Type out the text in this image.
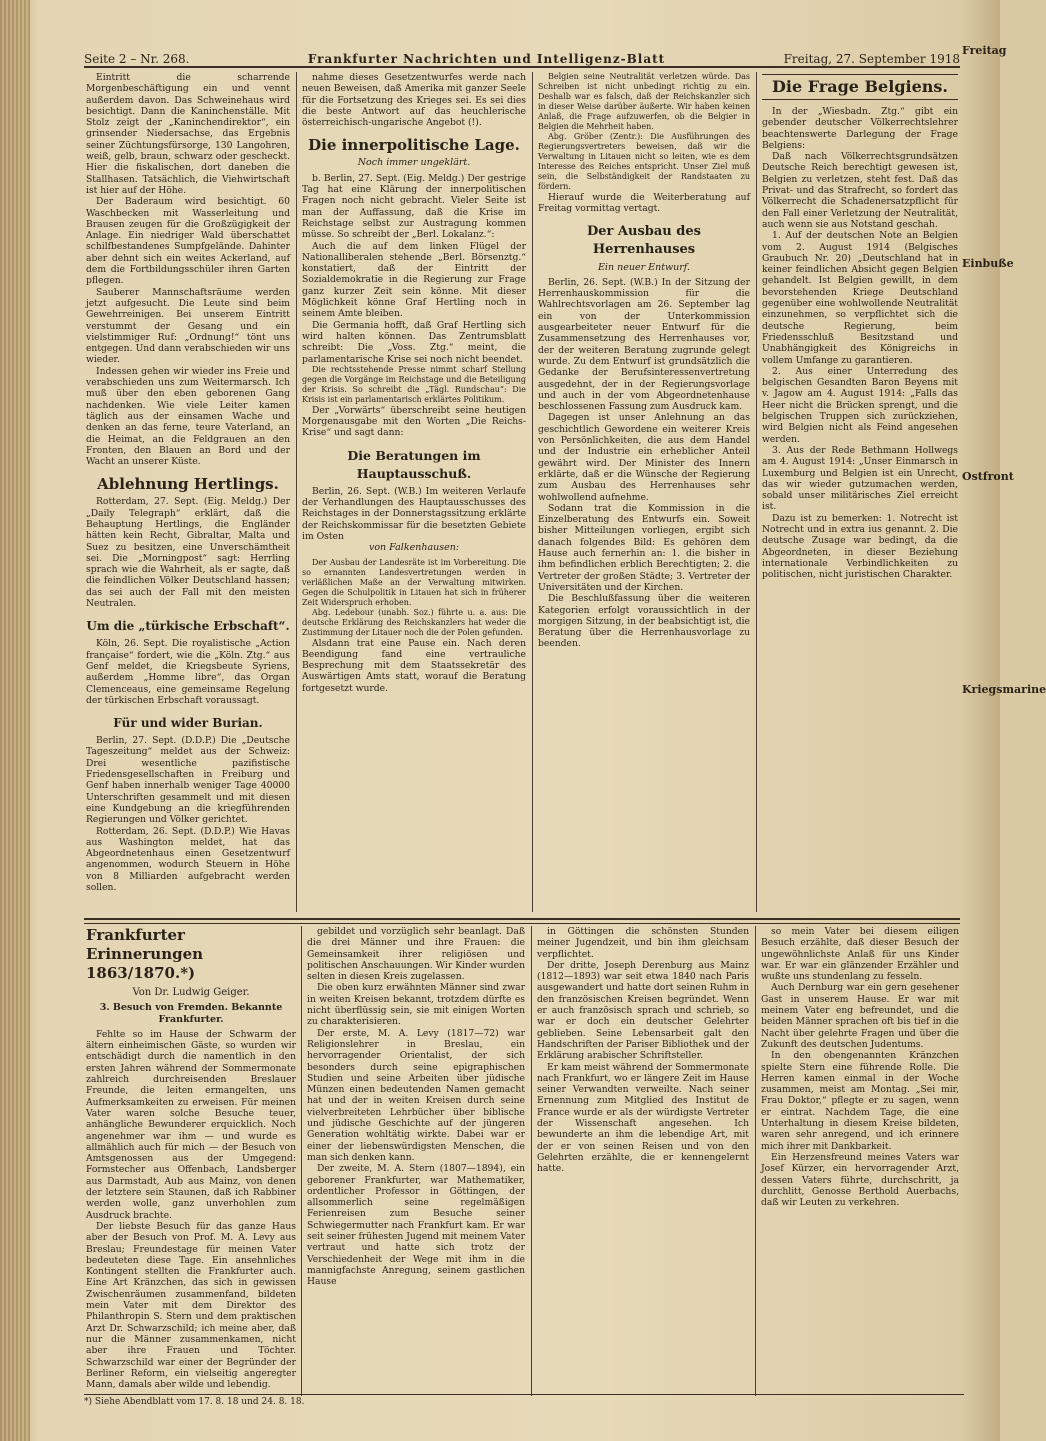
Seite 2 – Nr. 268.	Frankfurter Nachrichten und Intelligenz-Blatt	Freitag, 27. September 1918
Freitag
Einbuße
Ostfront
Kriegsmarine

Eintritt die scharrende Morgenbeschäftigung ein und vennt außerdem davon. Das Schweinehaus wird besichtigt. Dann die Kaninchenställe. Mit Stolz zeigt der „Kaninchendirektor“, ein grinsender Niedersachse, das Ergebnis seiner Züchtungsfürsorge, 130 Langohren, weiß, gelb, braun, schwarz oder gescheckt. Hier die fiskalischen, dort daneben die Stallhasen. Tatsächlich, die Viehwirtschaft ist hier auf der Höhe.

Der Baderaum wird besichtigt. 60 Waschbecken mit Wasserleitung und Brausen zeugen für die Großzügigkeit der Anlage. Ein niedriger Wald überschattet schilfbestandenes Sumpfgelände. Dahinter aber dehnt sich ein weites Ackerland, auf dem die Fortbildungsschüler ihren Garten pflegen.

Sauberer Mannschaftsräume werden jetzt aufgesucht. Die Leute sind beim Gewehrreinigen. Bei unserem Eintritt verstummt der Gesang und ein vielstimmiger Ruf: „Ordnung!“ tönt uns entgegen. Und dann verabschieden wir uns wieder.

Indessen gehen wir wieder ins Freie und verabschieden uns zum Weitermarsch. Ich muß über den eben geborenen Gang nachdenken. Wie viele Leiter kamen täglich aus der einsamen Wache und denken an das ferne, teure Vaterland, an die Heimat, an die Feldgrauen an den Fronten, den Blauen an Bord und der Wacht an unserer Küste.

Ablehnung Hertlings.

Rotterdam, 27. Sept. (Eig. Meldg.) Der „Daily Telegraph“ erklärt, daß die Behauptung Hertlings, die Engländer hätten kein Recht, Gibraltar, Malta und Suez zu besitzen, eine Unverschämtheit sei. Die „Morningpost“ sagt: Herrling sprach wie die Wahrheit, als er sagte, daß die feindlichen Völker Deutschland hassen; das sei auch der Fall mit den meisten Neutralen.

Um die „türkische Erbschaft“.

Köln, 26. Sept. Die royalistische „Action française“ fordert, wie die „Köln. Ztg.“ aus Genf meldet, die Kriegsbeute Syriens, außerdem „Homme libre“, das Organ Clemenceaus, eine gemeinsame Regelung der türkischen Erbschaft voraussagt.

Für und wider Burian.

Berlin, 27. Sept. (D.D.P.) Die „Deutsche Tageszeitung“ meldet aus der Schweiz: Drei wesentliche pazifistische Friedensgesellschaften in Freiburg und Genf haben innerhalb weniger Tage 40000 Unterschriften gesammelt und mit diesen eine Kundgebung an die kriegführenden Regierungen und Völker gerichtet.

Rotterdam, 26. Sept. (D.D.P.) Wie Havas aus Washington meldet, hat das Abgeordnetenhaus einen Gesetzentwurf angenommen, wodurch Steuern in Höhe von 8 Milliarden aufgebracht werden sollen.

nahme dieses Gesetzentwurfes werde nach neuen Beweisen, daß Amerika mit ganzer Seele für die Fortsetzung des Krieges sei. Es sei dies die beste Antwort auf das heuchlerische österreichisch-ungarische Angebot (!).

Die innerpolitische Lage.

Noch immer ungeklärt.

b. Berlin, 27. Sept. (Eig. Meldg.) Der gestrige Tag hat eine Klärung der innerpolitischen Fragen noch nicht gebracht. Vieler Seite ist man der Auffassung, daß die Krise im Reichstage selbst zur Austragung kommen müsse. So schreibt der „Berl. Lokalanz.“:

Auch die auf dem linken Flügel der Nationalliberalen stehende „Berl. Börsenztg.“ konstatiert, daß der Eintritt der Sozialdemokratie in die Regierung zur Frage ganz kurzer Zeit sein könne. Mit dieser Möglichkeit könne Graf Hertling noch in seinem Amte bleiben.

Die Germania hofft, daß Graf Hertling sich wird halten können. Das Zentrumsblatt schreibt: Die „Voss. Ztg.“ meint, die parlamentarische Krise sei noch nicht beendet.

Die rechtsstehende Presse nimmt scharf Stellung gegen die Vorgänge im Reichstage und die Beteiligung der Krisis. So schreibt die „Tägl. Rundschau“: Die Krisis ist ein parlamentarisch erklärtes Politikum.

Der „Vorwärts“ überschreibt seine heutigen Morgenausgabe mit den Worten „Die Reichs-Krise“ und sagt dann:

Die Beratungen im Hauptausschuß.

Berlin, 26. Sept. (W.B.) Im weiteren Verlaufe der Verhandlungen des Hauptausschusses des Reichstages in der Donnerstagssitzung erklärte der Reichskommissar für die besetzten Gebiete im Osten

von Falkenhausen:

Der Ausbau der Landesräte ist im Vorbereitung. Die so ernannten Landesvertretungen werden in verläßlichen Maße an der Verwaltung mitwirken. Gegen die Schulpolitik in Litauen hat sich in früherer Zeit Widerspruch erhoben.

Abg. Ledebour (unabh. Soz.) führte u. a. aus: Die deutsche Erklärung des Reichskanzlers hat weder die Zustimmung der Litauer noch die der Polen gefunden.

Alsdann trat eine Pause ein. Nach deren Beendigung fand eine vertrauliche Besprechung mit dem Staatssekretär des Auswärtigen Amts statt, worauf die Beratung fortgesetzt wurde.

Belgien seine Neutralität verletzen würde. Das Schreiben ist nicht unbedingt richtig zu ein. Deshalb war es falsch, daß der Reichskanzler sich in dieser Weise darüber äußerte. Wir haben keinen Anlaß, die Frage aufzuwerfen, ob die Belgier in Belgien die Mehrheit haben.

Abg. Gröber (Zentr.): Die Ausführungen des Regierungsvertreters beweisen, daß wir die Verwaltung in Litauen nicht so leiten, wie es dem Interesse des Reiches entspricht. Unser Ziel muß sein, die Selbständigkeit der Randstaaten zu fördern.

Hierauf wurde die Weiterberatung auf Freitag vormittag vertagt.

Der Ausbau des Herrenhauses

Ein neuer Entwurf.

Berlin, 26. Sept. (W.B.) In der Sitzung der Herrenhauskommission für die Wahlrechtsvorlagen am 26. September lag ein von der Unterkommission ausgearbeiteter neuer Entwurf für die Zusammensetzung des Herrenhauses vor, der der weiteren Beratung zugrunde gelegt wurde. Zu dem Entwurf ist grundsätzlich die Gedanke der Berufsinteressenvertretung ausgedehnt, der in der Regierungsvorlage und auch in der vom Abgeordnetenhause beschlossenen Fassung zum Ausdruck kam.

Dagegen ist unser Anlehnung an das geschichtlich Gewordene ein weiterer Kreis von Persönlichkeiten, die aus dem Handel und der Industrie ein erheblicher Anteil gewährt wird. Der Minister des Innern erklärte, daß er die Wünsche der Regierung zum Ausbau des Herrenhauses sehr wohlwollend aufnehme.

Sodann trat die Kommission in die Einzelberatung des Entwurfs ein. Soweit bisher Mitteilungen vorliegen, ergibt sich danach folgendes Bild: Es gehören dem Hause auch fernerhin an: 1. die bisher in ihm befindlichen erblich Berechtigten; 2. die Vertreter der großen Städte; 3. Vertreter der Universitäten und der Kirchen.

Die Beschlußfassung über die weiteren Kategorien erfolgt voraussichtlich in der morgigen Sitzung, in der beabsichtigt ist, die Beratung über die Herrenhausvorlage zu beenden.

Die Frage Belgiens.

In der „Wiesbadn. Ztg.“ gibt ein gebender deutscher Völkerrechtslehrer beachtenswerte Darlegung der Frage Belgiens:

Daß nach Völkerrechtsgrundsätzen Deutsche Reich berechtigt gewesen ist, Belgien zu verletzen, steht fest. Daß das Privat- und das Strafrecht, so fordert das Völkerrecht die Schadenersatzpflicht für den Fall einer Verletzung der Neutralität, auch wenn sie aus Notstand geschah.

1. Auf der deutschen Note an Belgien vom 2. August 1914 (Belgisches Graubuch Nr. 20) „Deutschland hat in keiner feindlichen Absicht gegen Belgien gehandelt. Ist Belgien gewillt, in dem bevorstehenden Kriege Deutschland gegenüber eine wohlwollende Neutralität einzunehmen, so verpflichtet sich die deutsche Regierung, beim Friedensschluß Besitzstand und Unabhängigkeit des Königreichs in vollem Umfange zu garantieren.

2. Aus einer Unterredung des belgischen Gesandten Baron Beyens mit v. Jagow am 4. August 1914: „Falls das Heer nicht die Brücken sprengt, und die belgischen Truppen sich zurückziehen, wird Belgien nicht als Feind angesehen werden.

3. Aus der Rede Bethmann Hollwegs am 4. August 1914: „Unser Einmarsch in Luxemburg und Belgien ist ein Unrecht, das wir wieder gutzumachen werden, sobald unser militärisches Ziel erreicht ist.

Dazu ist zu bemerken: 1. Notrecht ist Notrecht und in extra ius genannt. 2. Die deutsche Zusage war bedingt, da die Abgeordneten, in dieser Beziehung internationale Verbindlichkeiten zu politischen, nicht juristischen Charakter.

Frankfurter Erinnerungen 1863/1870.*)

Von Dr. Ludwig Geiger.

3. Besuch von Fremden. Bekannte Frankfurter.

Fehlte so im Hause der Schwarm der ältern einheimischen Gäste, so wurden wir entschädigt durch die namentlich in den ersten Jahren während der Sommermonate zahlreich durchreisenden Breslauer Freunde, die leiten ermangelten, uns Aufmerksamkeiten zu erweisen. Für meinen Vater waren solche Besuche teuer, anhängliche Bewunderer erquicklich. Noch angenehmer war ihm — und wurde es allmählich auch für mich — der Besuch von Amtsgenossen aus der Umgegend: Formstecher aus Offenbach, Landsberger aus Darmstadt, Aub aus Mainz, von denen der letztere sein Staunen, daß ich Rabbiner werden wolle, ganz unverhohlen zum Ausdruck brachte.

Der liebste Besuch für das ganze Haus aber der Besuch von Prof. M. A. Levy aus Breslau; Freundestage für meinen Vater bedeuteten diese Tage. Ein ansehnliches Kontingent stellten die Frankfurter auch. Eine Art Kränzchen, das sich in gewissen Zwischenräumen zusammenfand, bildeten mein Vater mit dem Direktor des Philanthropin S. Stern und dem praktischen Arzt Dr. Schwarzschild; ich meine aber, daß nur die Männer zusammenkamen, nicht aber ihre Frauen und Töchter. Schwarzschild war einer der Begründer der Berliner Reform, ein vielseitig angeregter Mann, damals aber wilde und lebendig.

gebildet und vorzüglich sehr beanlagt. Daß die drei Männer und ihre Frauen: die Gemeinsamkeit ihrer religiösen und politischen Anschauungen. Wir Kinder wurden selten in diesen Kreis zugelassen.

Die oben kurz erwähnten Männer sind zwar in weiten Kreisen bekannt, trotzdem dürfte es nicht überflüssig sein, sie mit einigen Worten zu charakterisieren.

Der erste, M. A. Levy (1817—72) war Religionslehrer in Breslau, ein hervorragender Orientalist, der sich besonders durch seine epigraphischen Studien und seine Arbeiten über jüdische Münzen einen bedeutenden Namen gemacht hat und der in weiten Kreisen durch seine vielverbreiteten Lehrbücher über biblische und jüdische Geschichte auf der jüngeren Generation wohltätig wirkte. Dabei war er einer der liebenswürdigsten Menschen, die man sich denken kann.

Der zweite, M. A. Stern (1807—1894), ein geborener Frankfurter, war Mathematiker, ordentlicher Professor in Göttingen, der allsommerlich seine regelmäßigen Ferienreisen zum Besuche seiner Schwiegermutter nach Frankfurt kam. Er war seit seiner frühesten Jugend mit meinem Vater vertraut und hatte sich trotz der Verschiedenheit der Wege mit ihm in die mannigfachste Anregung, seinem gastlichen Hause

in Göttingen die schönsten Stunden meiner Jugendzeit, und bin ihm gleichsam verpflichtet.

Der dritte, Joseph Derenburg aus Mainz (1812—1893) war seit etwa 1840 nach Paris ausgewandert und hatte dort seinen Ruhm in den französischen Kreisen begründet. Wenn er auch französisch sprach und schrieb, so war er doch ein deutscher Gelehrter geblieben. Seine Lebensarbeit galt den Handschriften der Pariser Bibliothek und der Erklärung arabischer Schriftsteller.

Er kam meist während der Sommermonate nach Frankfurt, wo er längere Zeit im Hause seiner Verwandten verweilte. Nach seiner Ernennung zum Mitglied des Institut de France wurde er als der würdigste Vertreter der Wissenschaft angesehen. Ich bewunderte an ihm die lebendige Art, mit der er von seinen Reisen und von den Gelehrten erzählte, die er kennengelernt hatte.

so mein Vater bei diesem eiligen Besuch erzählte, daß dieser Besuch der ungewöhnlichste Anlaß für uns Kinder war. Er war ein glänzender Erzähler und wußte uns stundenlang zu fesseln.

Auch Dernburg war ein gern gesehener Gast in unserem Hause. Er war mit meinem Vater eng befreundet, und die beiden Männer sprachen oft bis tief in die Nacht über gelehrte Fragen und über die Zukunft des deutschen Judentums.

In den obengenannten Kränzchen spielte Stern eine führende Rolle. Die Herren kamen einmal in der Woche zusammen, meist am Montag. „Sei mir, Frau Doktor,“ pflegte er zu sagen, wenn er eintrat. Nachdem Tage, die eine Unterhaltung in diesem Kreise bildeten, waren sehr anregend, und ich erinnere mich ihrer mit Dankbarkeit.

Ein Herzensfreund meines Vaters war Josef Kürzer, ein hervorragender Arzt, dessen Vaters führte, durchschritt, ja durchlitt, Genosse Berthold Auerbachs, daß wir Leuten zu verkehren.

*) Siehe Abendblatt vom 17. 8. 18 und 24. 8. 18.
